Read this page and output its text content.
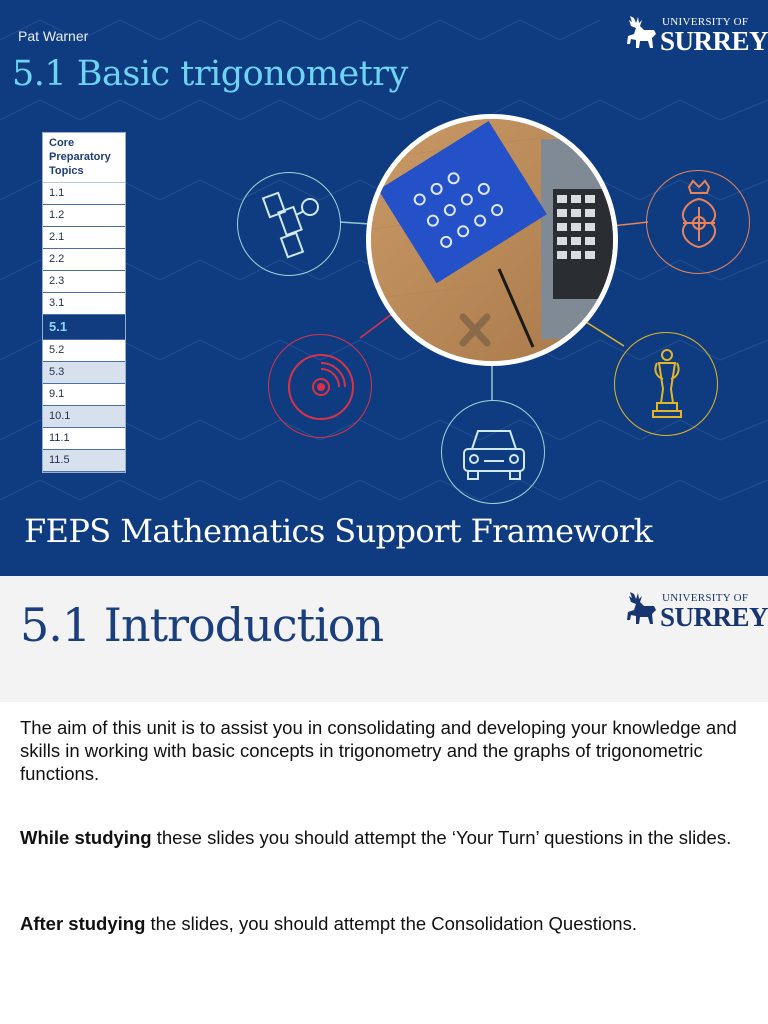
Pat Warner
5.1 Basic trigonometry
UNIVERSITY OF
SURREY
Core Preparatory Topics
1.1
1.2
2.1
2.2
2.3
3.1
5.1
5.2
5.3
9.1
10.1
11.1
11.5
FEPS Mathematics Support Framework
5.1 Introduction	UNIVERSITY OF
SURREY

The aim of this unit is to assist you in consolidating and developing your knowledge and skills in working with basic concepts in trigonometry and the graphs of trigonometric functions.

While studying these slides you should attempt the ‘Your Turn’ questions in the slides.

After studying the slides, you should attempt the Consolidation Questions.
